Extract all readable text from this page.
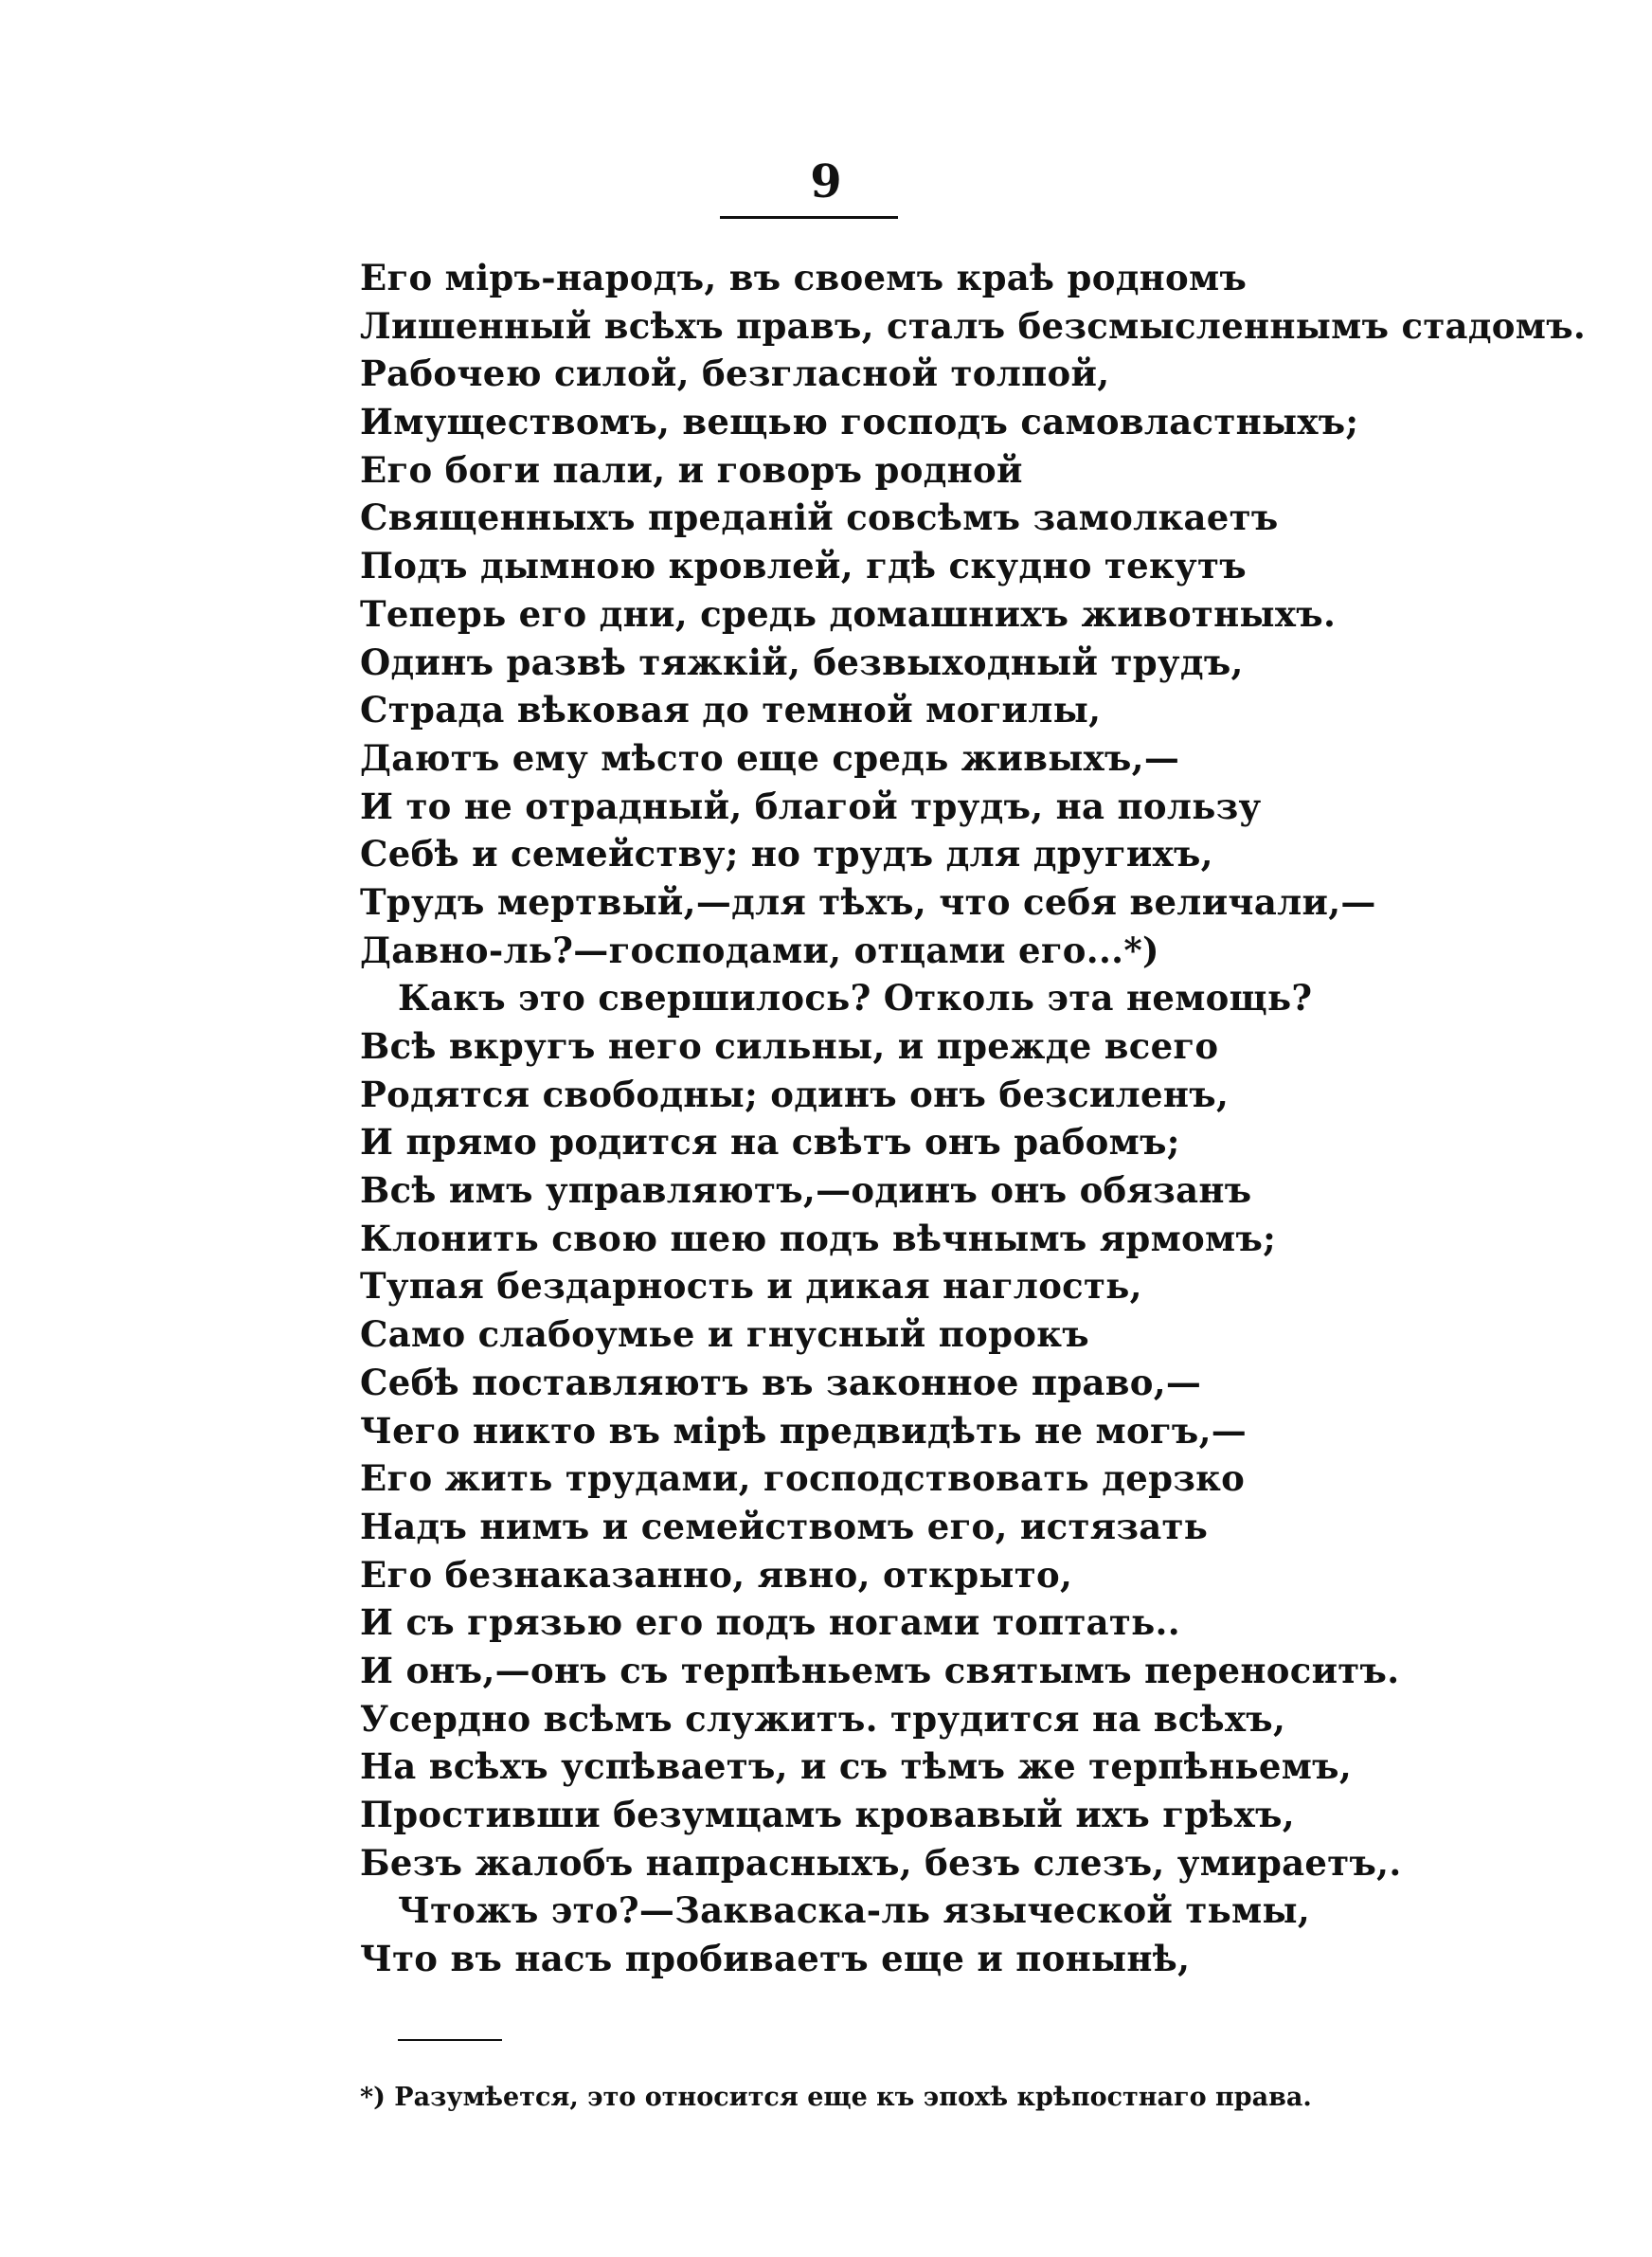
9
Его міръ-народъ, въ своемъ краѣ родномъ
Лишенный всѣхъ правъ, сталъ безсмысленнымъ стадомъ.
Рабочею силой, безгласной толпой,
Имуществомъ, вещью господъ самовластныхъ;
Его боги пали, и говоръ родной
Священныхъ преданій совсѣмъ замолкаетъ
Подъ дымною кровлей, гдѣ скудно текутъ
Теперь его дни, средь домашнихъ животныхъ.
Одинъ развѣ тяжкій, безвыходный трудъ,
Страда вѣковая до темной могилы,
Даютъ ему мѣсто еще средь живыхъ,—
И то не отрадный, благой трудъ, на пользу
Себѣ и семейству; но трудъ для другихъ,
Трудъ мертвый,—для тѣхъ, что себя величали,—
Давно-ль?—господами, отцами его...*)
Какъ это свершилось? Отколь эта немощь?
Всѣ вкругъ него сильны, и прежде всего
Родятся свободны; одинъ онъ безсиленъ,
И прямо родится на свѣтъ онъ рабомъ;
Всѣ имъ управляютъ,—одинъ онъ обязанъ
Клонить свою шею подъ вѣчнымъ ярмомъ;
Тупая бездарность и дикая наглость,
Само слабоумье и гнусный порокъ
Себѣ поставляютъ въ законное право,—
Чего никто въ мірѣ предвидѣть не могъ,—
Его жить трудами, господствовать дерзко
Надъ нимъ и семействомъ его, истязать
Его безнаказанно, явно, открыто,
И съ грязью его подъ ногами топтать..
И онъ,—онъ съ терпѣньемъ святымъ переноситъ.
Усердно всѣмъ служитъ. трудится на всѣхъ,
На всѣхъ успѣваетъ, и съ тѣмъ же терпѣньемъ,
Простивши безумцамъ кровавый ихъ грѣхъ,
Безъ жалобъ напрасныхъ, безъ слезъ, умираетъ,.
Чтожъ это?—Закваска-ль языческой тьмы,
Что въ насъ пробиваетъ еще и понынѣ,
*) Разумѣется, это относится еще къ эпохѣ крѣпостнаго права.
